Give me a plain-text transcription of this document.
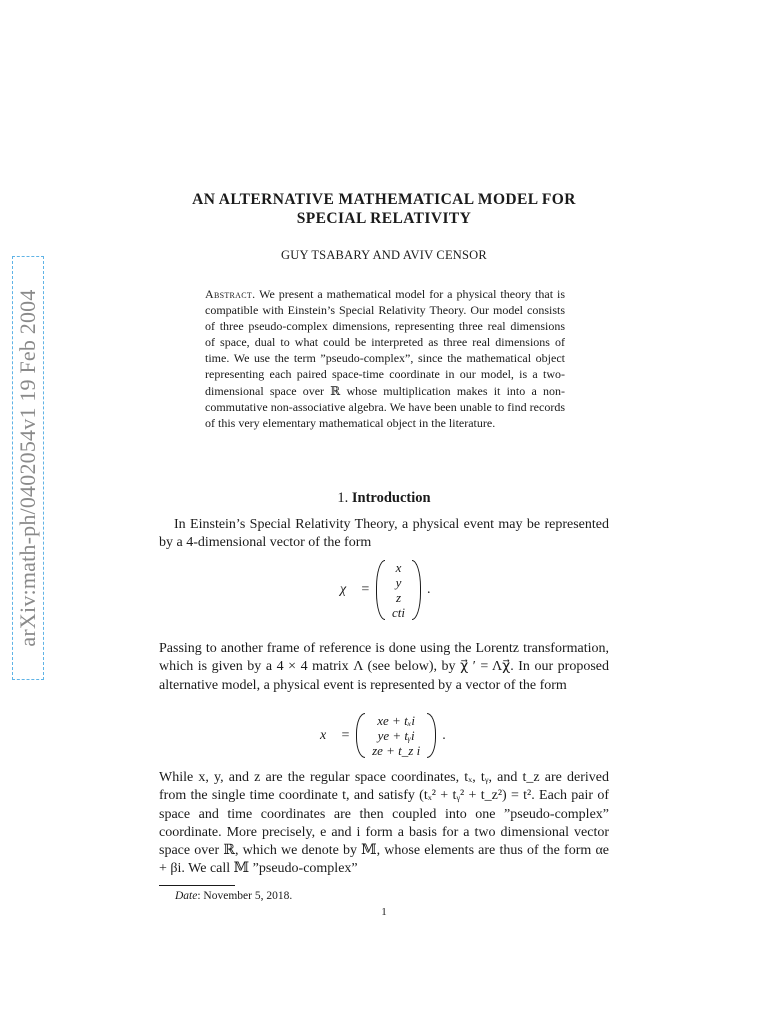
arXiv:math-ph/0402054v1 19 Feb 2004
AN ALTERNATIVE MATHEMATICAL MODEL FOR
SPECIAL RELATIVITY
GUY TSABARY AND AVIV CENSOR
Abstract. We present a mathematical model for a physical theory that is compatible with Einstein’s Special Relativity Theory. Our model consists of three pseudo-complex dimensions, representing three real dimensions of space, dual to what could be interpreted as three real dimensions of time. We use the term ”pseudo-complex”, since the mathematical object representing each paired space-time coordinate in our model, is a two-dimensional space over ℝ whose multiplication makes it into a non-commutative non-associative algebra. We have been unable to find records of this very elementary mathematical object in the literature.
1. Introduction
In Einstein’s Special Relativity Theory, a physical event may be represented by a 4-dimensional vector of the form
χ⃗ =
x
y
z
cti
.
Passing to another frame of reference is done using the Lorentz transformation, which is given by a 4 × 4 matrix Λ (see below), by χ⃗ ′ = Λχ⃗. In our proposed alternative model, a physical event is represented by a vector of the form
x⃗ =
xe + tₓi
ye + tᵧi
ze + t_z i
.
While x, y, and z are the regular space coordinates, tₓ, tᵧ, and t_z are derived from the single time coordinate t, and satisfy (tₓ² + tᵧ² + t_z²) = t². Each pair of space and time coordinates are then coupled into one ”pseudo-complex” coordinate. More precisely, e and i form a basis for a two dimensional vector space over ℝ, which we denote by 𝕄, whose elements are thus of the form αe + βi. We call 𝕄 ”pseudo-complex”
Date: November 5, 2018.
1
